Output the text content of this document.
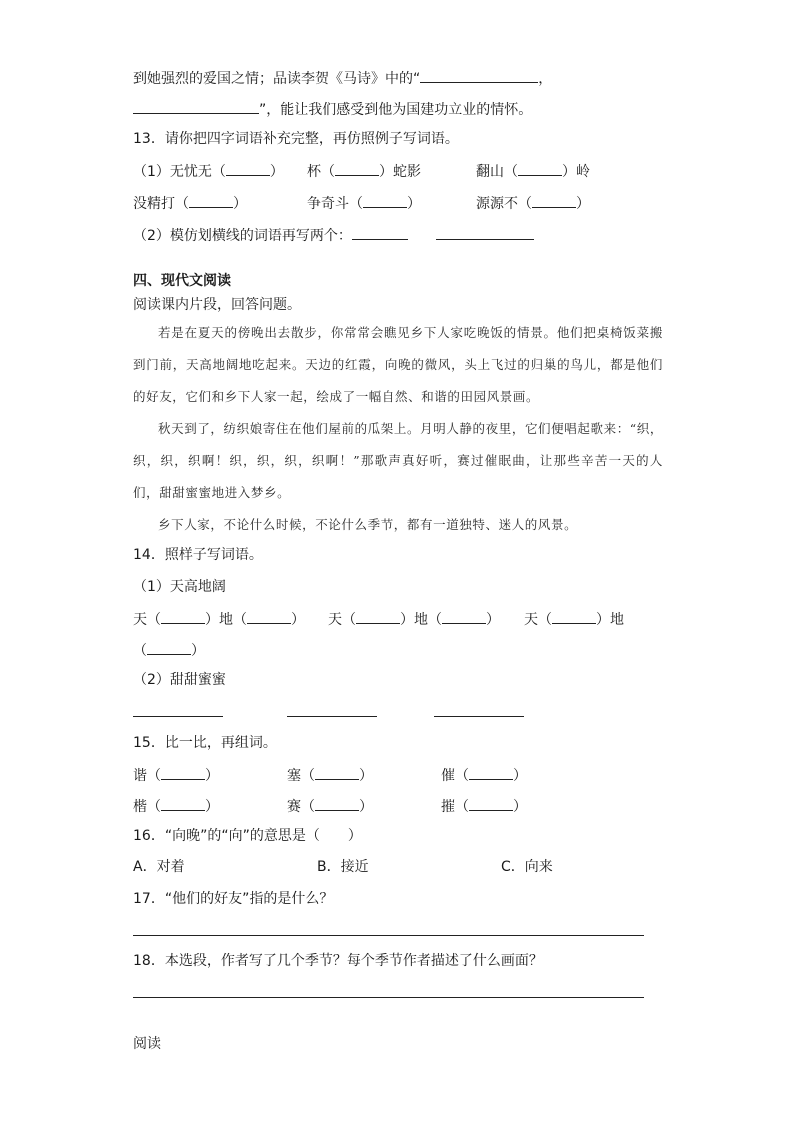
到她强烈的爱国之情；品读李贺《马诗》中的“	，
”，能让我们感受到他为国建功立业的情怀。
13．请你把四字词语补充完整，再仿照例子写词语。
（1）无忧无（	） 杯（	）蛇影	翻山（	）岭
没精打（	）	争奇斗（	）	源源不（	）
（2）模仿划横线的词语再写两个：
四、现代文阅读
阅读课内片段，回答问题。

若是在夏天的傍晚出去散步，你常常会瞧见乡下人家吃晚饭的情景。他们把桌椅饭菜搬到门前，天高地阔地吃起来。天边的红霞，向晚的微风，头上飞过的归巢的鸟儿，都是他们的好友，它们和乡下人家一起，绘成了一幅自然、和谐的田园风景画。

秋天到了，纺织娘寄住在他们屋前的瓜架上。月明人静的夜里，它们便唱起歌来：“织，织，织，织啊！织，织，织，织啊！”那歌声真好听，赛过催眠曲，让那些辛苦一天的人们，甜甜蜜蜜地进入梦乡。

乡下人家，不论什么时候，不论什么季节，都有一道独特、迷人的风景。

14．照样子写词语。
（1）天高地阔
天（	）地（	） 天（	）地（	） 天（	）地
（	）
（2）甜甜蜜蜜
15．比一比，再组词。
谐（	）	塞（	）	催（	）
楷（	）	赛（	）	摧（	）
16．“向晚”的“向”的意思是（　　）
A．对着	B．接近	C．向来
17．“他们的好友”指的是什么？
18．本选段，作者写了几个季节？每个季节作者描述了什么画面？
阅读
